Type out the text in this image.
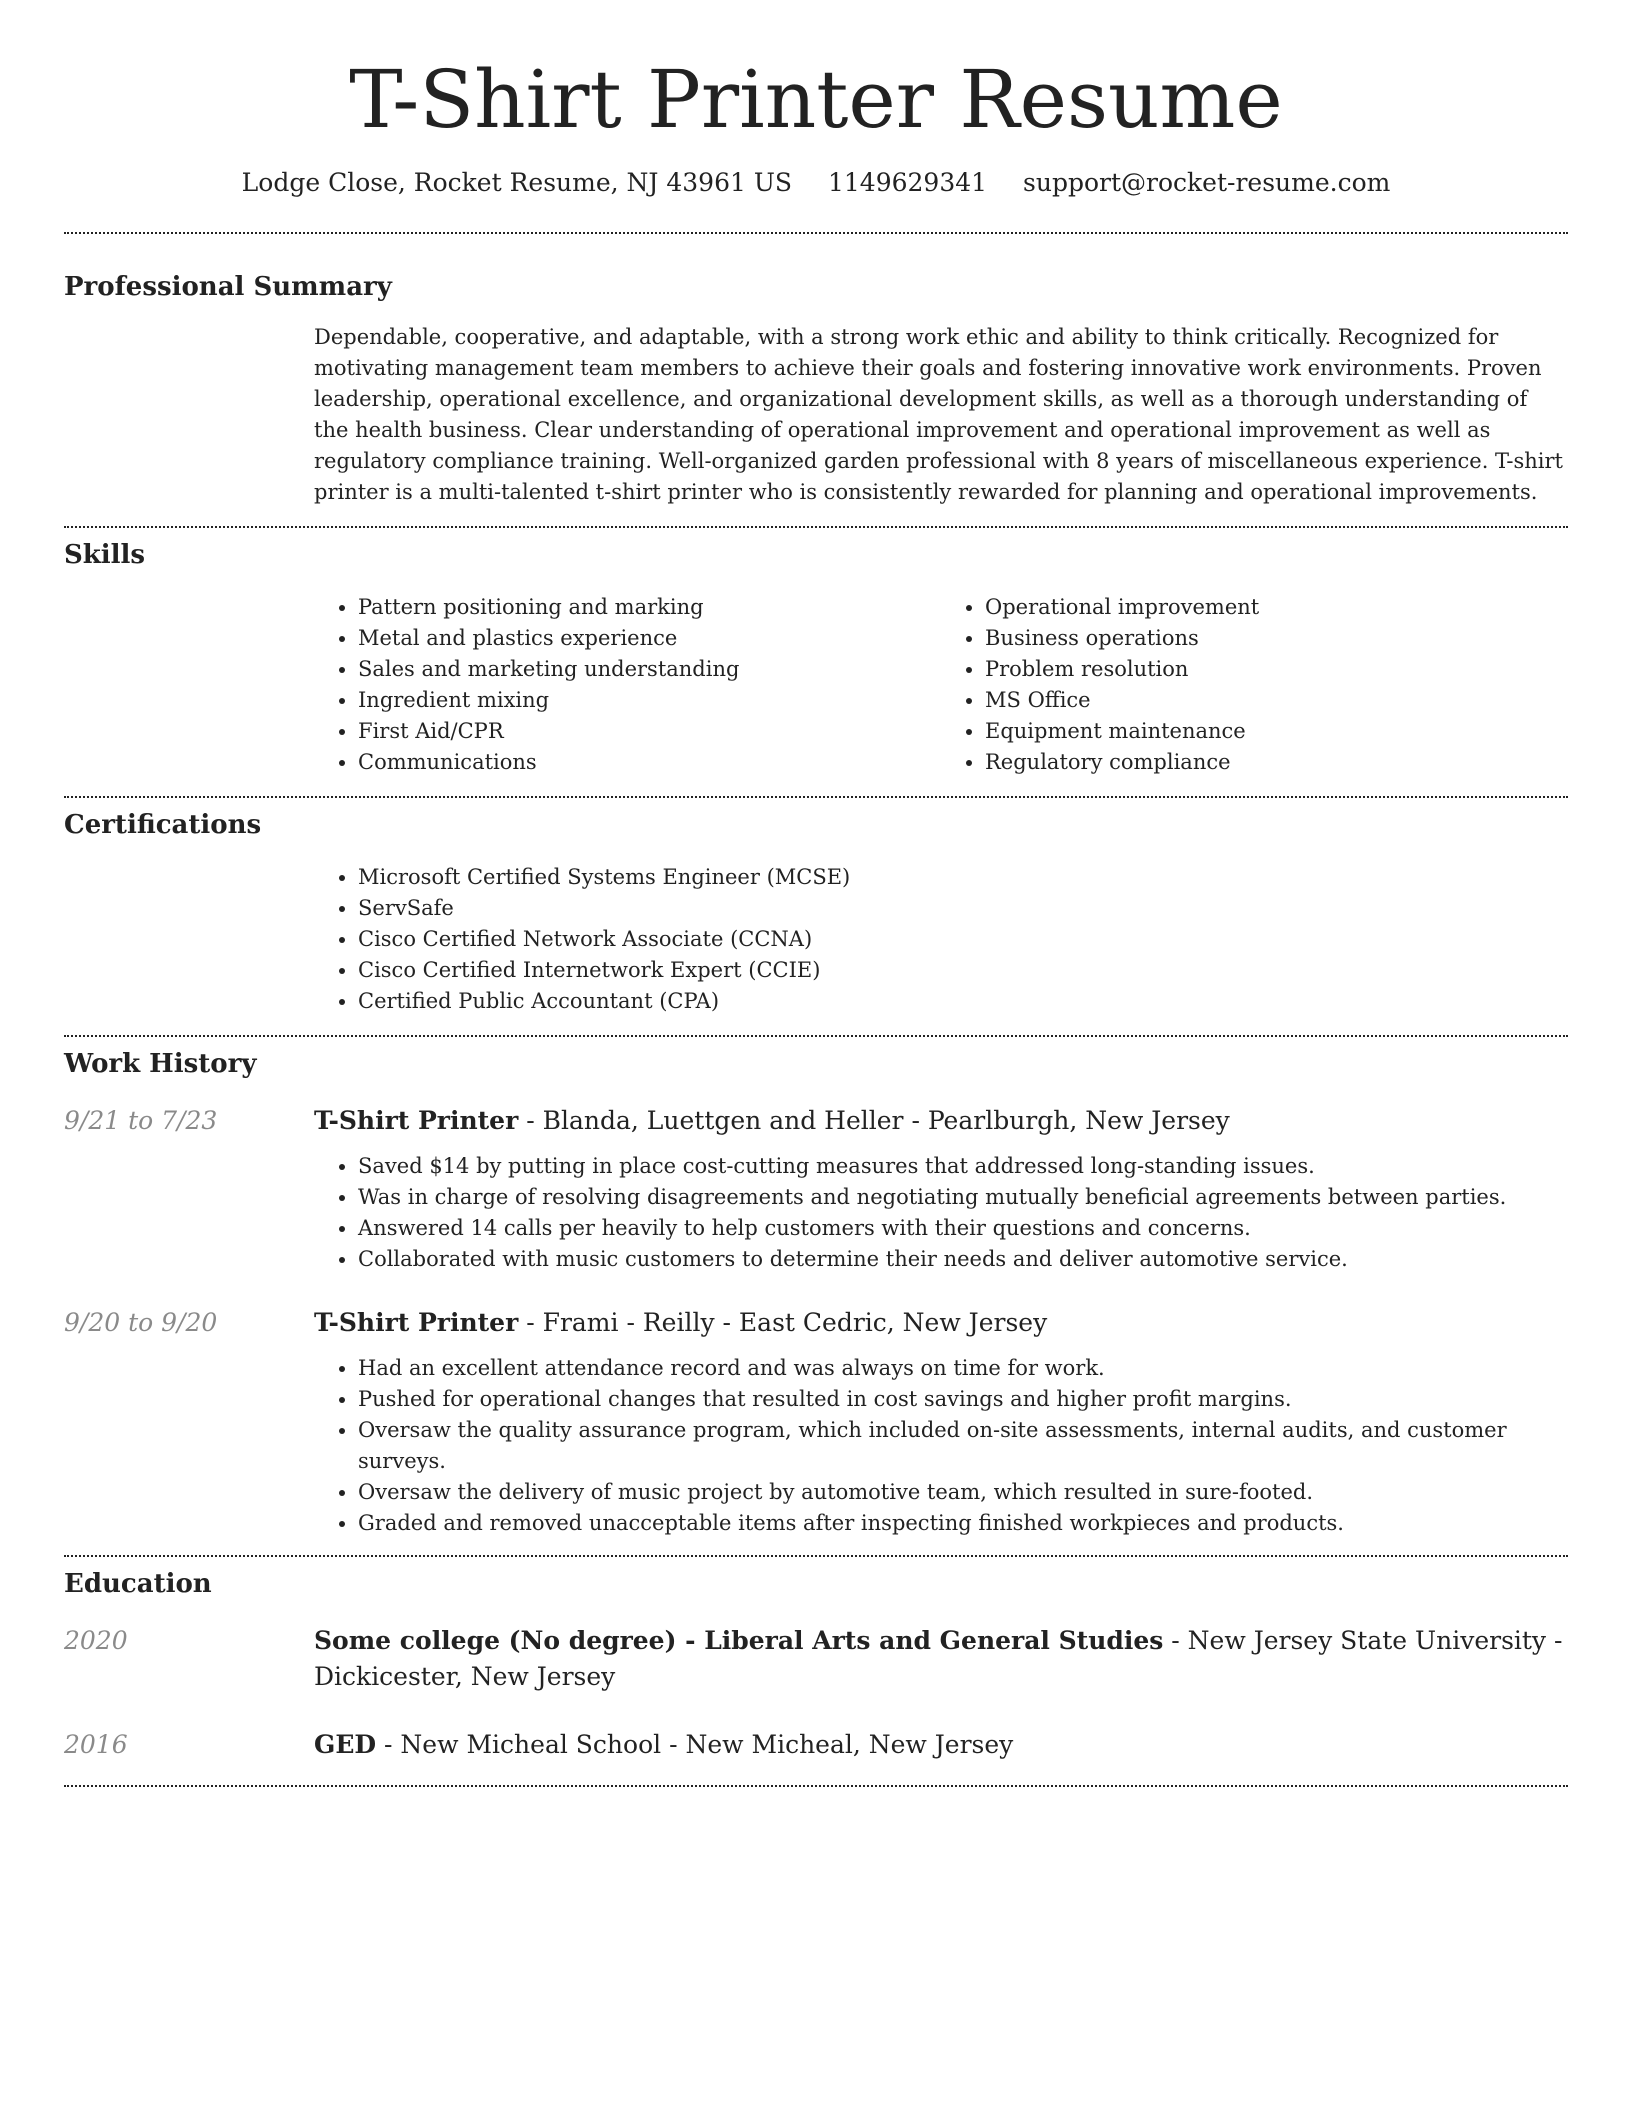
T-Shirt Printer Resume
Lodge Close, Rocket Resume, NJ 43961 US 1149629341 support@rocket-resume.com
Professional Summary
Dependable, cooperative, and adaptable, with a strong work ethic and ability to think critically. Recognized for motivating management team members to achieve their goals and fostering innovative work environments. Proven leadership, operational excellence, and organizational development skills, as well as a thorough understanding of the health business. Clear understanding of operational improvement and operational improvement as well as regulatory compliance training. Well-organized garden professional with 8 years of miscellaneous experience. T-shirt printer is a multi-talented t-shirt printer who is consistently rewarded for planning and operational improvements.
Skills
• Pattern positioning and marking
• Metal and plastics experience
• Sales and marketing understanding
• Ingredient mixing
• First Aid/CPR
• Communications
• Operational improvement
• Business operations
• Problem resolution
• MS Office
• Equipment maintenance
• Regulatory compliance
Certifications
• Microsoft Certified Systems Engineer (MCSE)
• ServSafe
• Cisco Certified Network Associate (CCNA)
• Cisco Certified Internetwork Expert (CCIE)
• Certified Public Accountant (CPA)
Work History
9/21 to 7/23	T-Shirt Printer - Blanda, Luettgen and Heller - Pearlburgh, New Jersey
• Saved $14 by putting in place cost-cutting measures that addressed long-standing issues.
• Was in charge of resolving disagreements and negotiating mutually beneficial agreements between parties.
• Answered 14 calls per heavily to help customers with their questions and concerns.
• Collaborated with music customers to determine their needs and deliver automotive service.
9/20 to 9/20	T-Shirt Printer - Frami - Reilly - East Cedric, New Jersey
• Had an excellent attendance record and was always on time for work.
• Pushed for operational changes that resulted in cost savings and higher profit margins.
• Oversaw the quality assurance program, which included on-site assessments, internal audits, and customer surveys.
• Oversaw the delivery of music project by automotive team, which resulted in sure-footed.
• Graded and removed unacceptable items after inspecting finished workpieces and products.
Education
2020	Some college (No degree) - Liberal Arts and General Studies - New Jersey State University - Dickicester, New Jersey
2016	GED - New Micheal School - New Micheal, New Jersey
